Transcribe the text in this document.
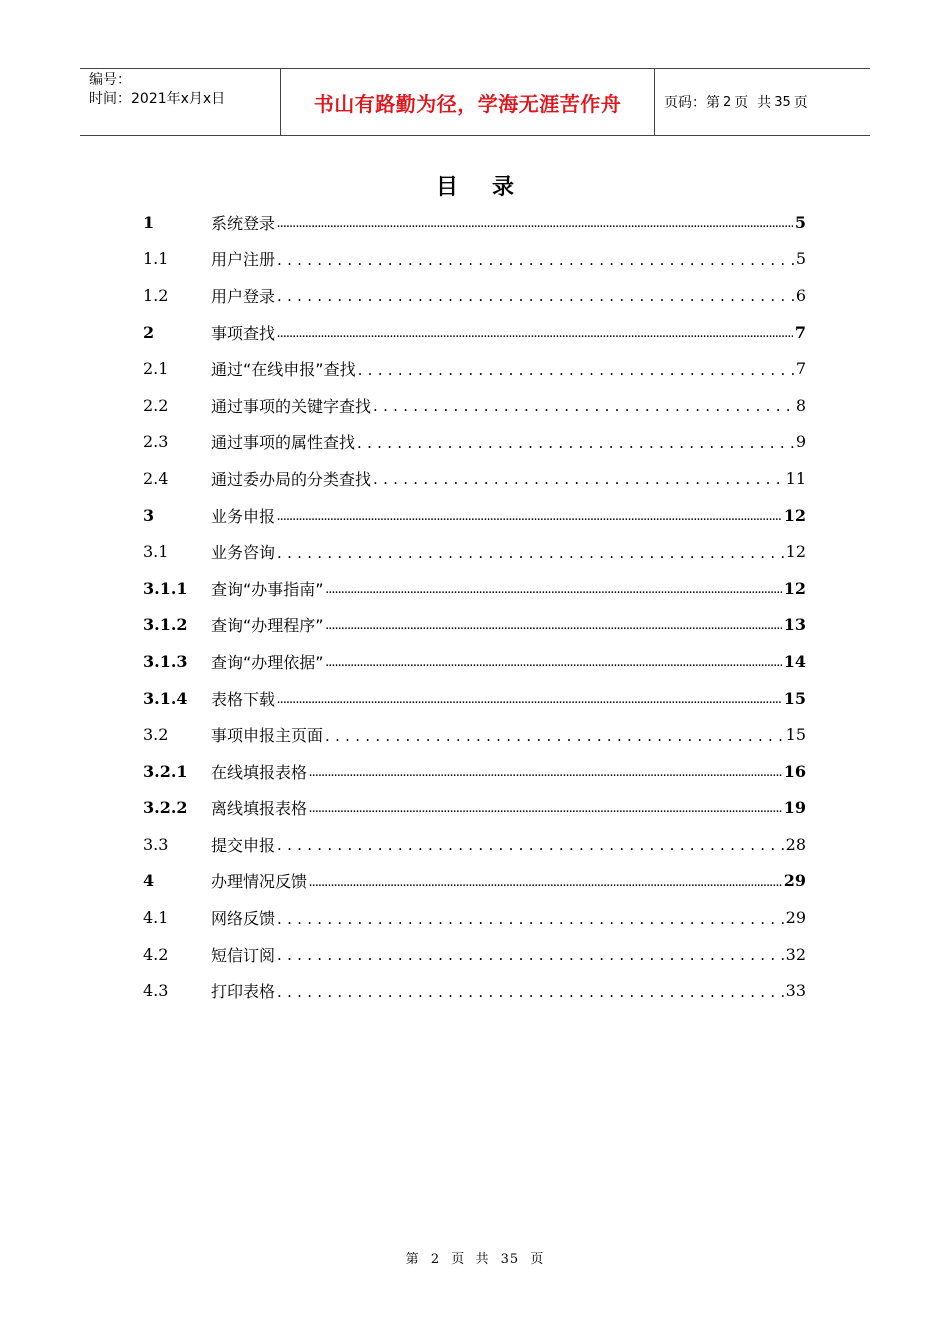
编号：
时间：2021年x月x日	书山有路勤为径，学海无涯苦作舟	页码：第 2 页  共 35 页
目录
1	系统登录 .....	5
1.1	用户注册 .....	5
1.2	用户登录 .....	6
2	事项查找 .....	7
2.1	通过“在线申报”查找 .....	7
2.2	通过事项的关键字查找 .....	8
2.3	通过事项的属性查找 .....	9
2.4	通过委办局的分类查找 .....	11
3	业务申报 .....	12
3.1	业务咨询 .....	12
3.1.1	查询“办事指南” .....	12
3.1.2	查询“办理程序” .....	13
3.1.3	查询“办理依据” .....	14
3.1.4	表格下载 .....	15
3.2	事项申报主页面 .....	15
3.2.1	在线填报表格 .....	16
3.2.2	离线填报表格 .....	19
3.3	提交申报 .....	28
4	办理情况反馈 .....	29
4.1	网络反馈 .....	29
4.2	短信订阅 .....	32
4.3	打印表格 .....	33
第 2 页  共 35 页
